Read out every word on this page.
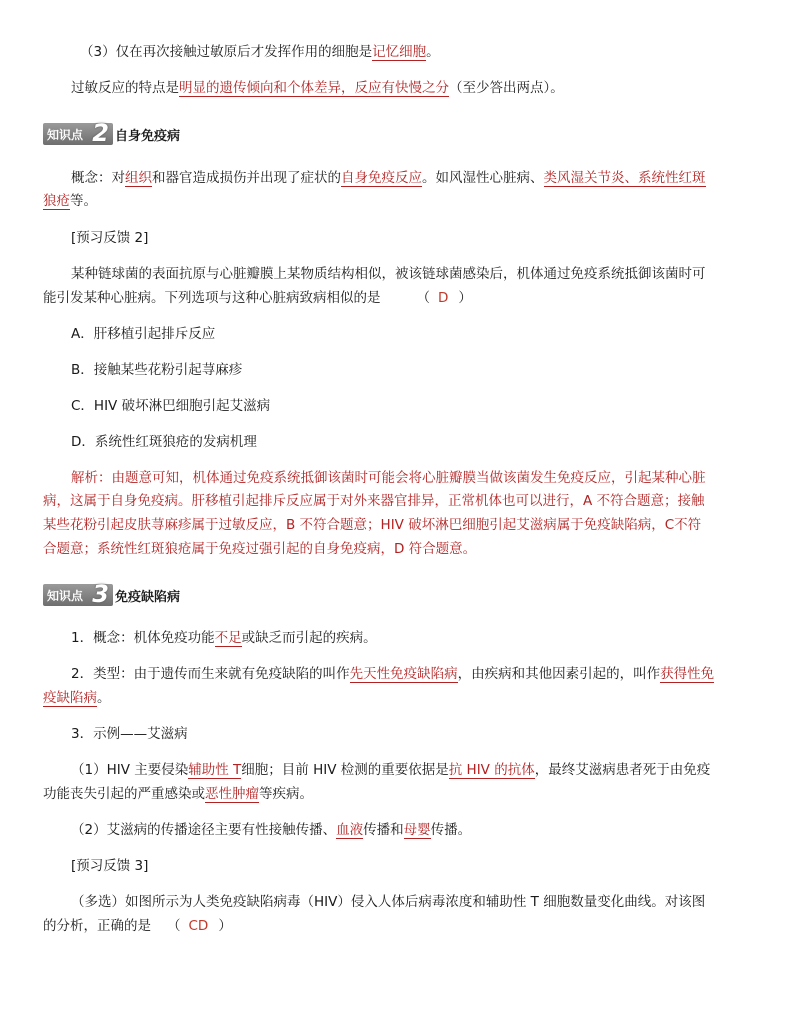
（3）仅在再次接触过敏原后才发挥作用的细胞是记忆细胞。
过敏反应的特点是明显的遗传倾向和个体差异，反应有快慢之分（至少答出两点）。
知识点 2 自身免疫病
概念：对组织和器官造成损伤并出现了症状的自身免疫反应。如风湿性心脏病、类风湿关节炎、系统性红斑
狼疮等。
[预习反馈 2]
某种链球菌的表面抗原与心脏瓣膜上某物质结构相似，被该链球菌感染后，机体通过免疫系统抵御该菌时可
能引发某种心脏病。下列选项与这种心脏病致病相似的是	（ D ）
A．肝移植引起排斥反应
B．接触某些花粉引起荨麻疹
C．HIV 破坏淋巴细胞引起艾滋病
D．系统性红斑狼疮的发病机理
解析：由题意可知，机体通过免疫系统抵御该菌时可能会将心脏瓣膜当做该菌发生免疫反应，引起某种心脏
病，这属于自身免疫病。肝移植引起排斥反应属于对外来器官排异，正常机体也可以进行，A 不符合题意；接触
某些花粉引起皮肤荨麻疹属于过敏反应，B 不符合题意；HIV 破坏淋巴细胞引起艾滋病属于免疫缺陷病，C不符
合题意；系统性红斑狼疮属于免疫过强引起的自身免疫病，D 符合题意。
知识点 3 免疫缺陷病
1．概念：机体免疫功能不足或缺乏而引起的疾病。
2．类型：由于遗传而生来就有免疫缺陷的叫作先天性免疫缺陷病，由疾病和其他因素引起的，叫作获得性免
疫缺陷病。
3．示例——艾滋病
（1）HIV 主要侵染辅助性 T细胞；目前 HIV 检测的重要依据是抗 HIV 的抗体，最终艾滋病患者死于由免疫
功能丧失引起的严重感染或恶性肿瘤等疾病。
（2）艾滋病的传播途径主要有性接触传播、血液传播和母婴传播。
[预习反馈 3]
（多选）如图所示为人类免疫缺陷病毒（HIV）侵入人体后病毒浓度和辅助性 T 细胞数量变化曲线。对该图
的分析，正确的是 （ CD ）
